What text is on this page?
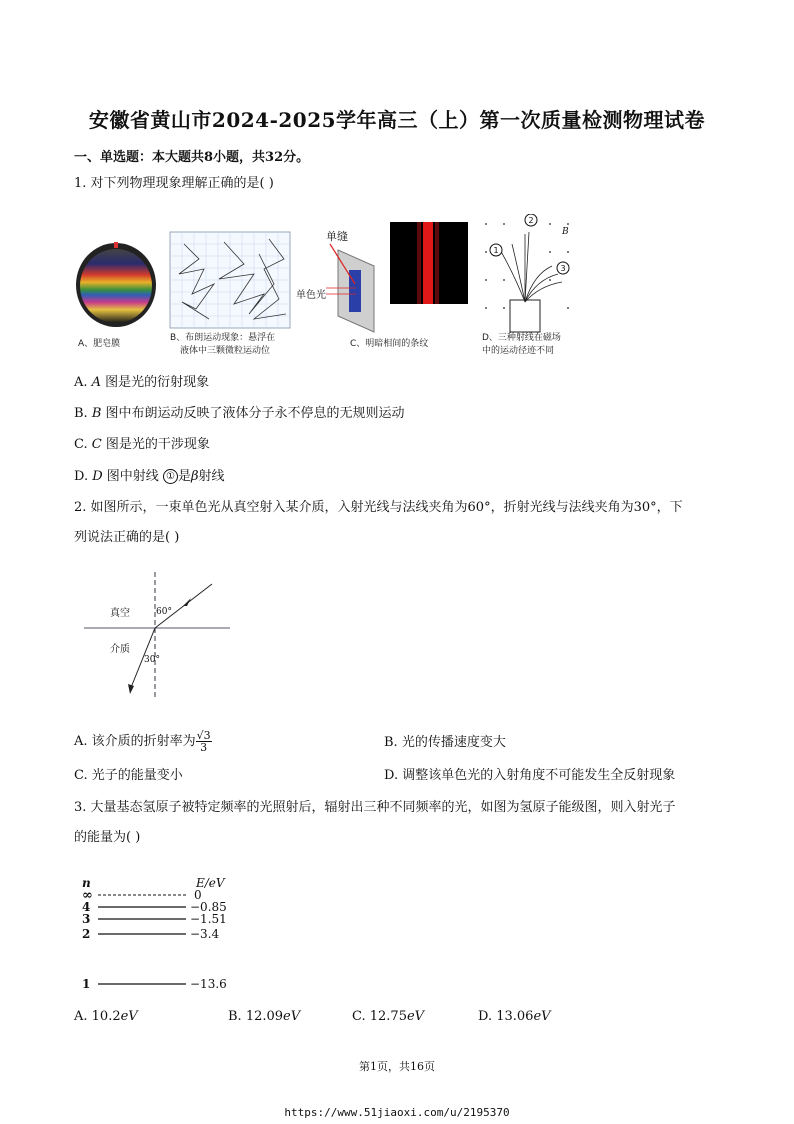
安徽省黄山市2024-2025学年高三（上）第一次质量检测物理试卷
一、单选题：本大题共8小题，共32分。
1. 对下列物理现象理解正确的是( )
单缝
单色光
B
1
2
3
A、肥皂膜
B、布朗运动现象：悬浮在
液体中三颗微粒运动位
C、明暗相间的条纹
D、三种射线在磁场
中的运动径迹不同
A. A 图是光的衍射现象
B. B 图中布朗运动反映了液体分子永不停息的无规则运动
C. C 图是光的干涉现象
D. D 图中射线 ① 是β射线
2. 如图所示，一束单色光从真空射入某介质，入射光线与法线夹角为60°，折射光线与法线夹角为30°，下
列说法正确的是( )
60°
30°
真空
介质
A. 该介质的折射率为 $\frac{√3}{3}$	B. 光的传播速度变大
C. 光子的能量变小	D. 调整该单色光的入射角度不可能发生全反射现象
3. 大量基态氢原子被特定频率的光照射后，辐射出三种不同频率的光，如图为氢原子能级图，则入射光子
的能量为( )
n	E/eV
∞	0
4	−0.85
3	−1.51
2	−3.4
1	−13.6
A. 10.2eV	B. 12.09eV	C. 12.75eV	D. 13.06eV
第1页，共16页
https://www.51jiaoxi.com/u/2195370
